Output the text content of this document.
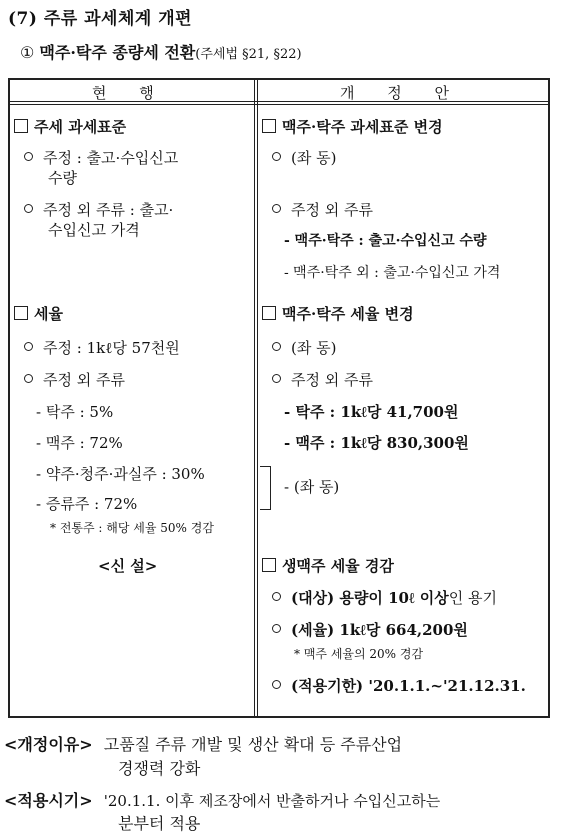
(7) 주류 과세체계 개편
① 맥주·탁주 종량세 전환(주세법 §21, §22)
현 행	개 정 안
주세 과세표준
주정 : 출고·수입신고
수량
주정 외 주류 : 출고·
수입신고 가격
세율
주정 : 1kℓ당 57천원
주정 외 주류
- 탁주 : 5%
- 맥주 : 72%
- 약주·청주·과실주 : 30%
- 증류주 : 72%
* 전통주 : 해당 세율 50% 경감
<신 설>
맥주·탁주 과세표준 변경
(좌 동)
주정 외 주류
- 맥주·탁주 : 출고·수입신고 수량
- 맥주·탁주 외 : 출고·수입신고 가격
맥주·탁주 세율 변경
(좌 동)
주정 외 주류
- 탁주 : 1kℓ당 41,700원
- 맥주 : 1kℓ당 830,300원
- (좌 동)
생맥주 세율 경감
(대상) 용량이 10ℓ 이상인 용기
(세율) 1kℓ당 664,200원
* 맥주 세율의 20% 경감
(적용기한) '20.1.1.~'21.12.31.
<개정이유> 고품질 주류 개발 및 생산 확대 등 주류산업
경쟁력 강화
<적용시기> '20.1.1. 이후 제조장에서 반출하거나 수입신고하는
분부터 적용
